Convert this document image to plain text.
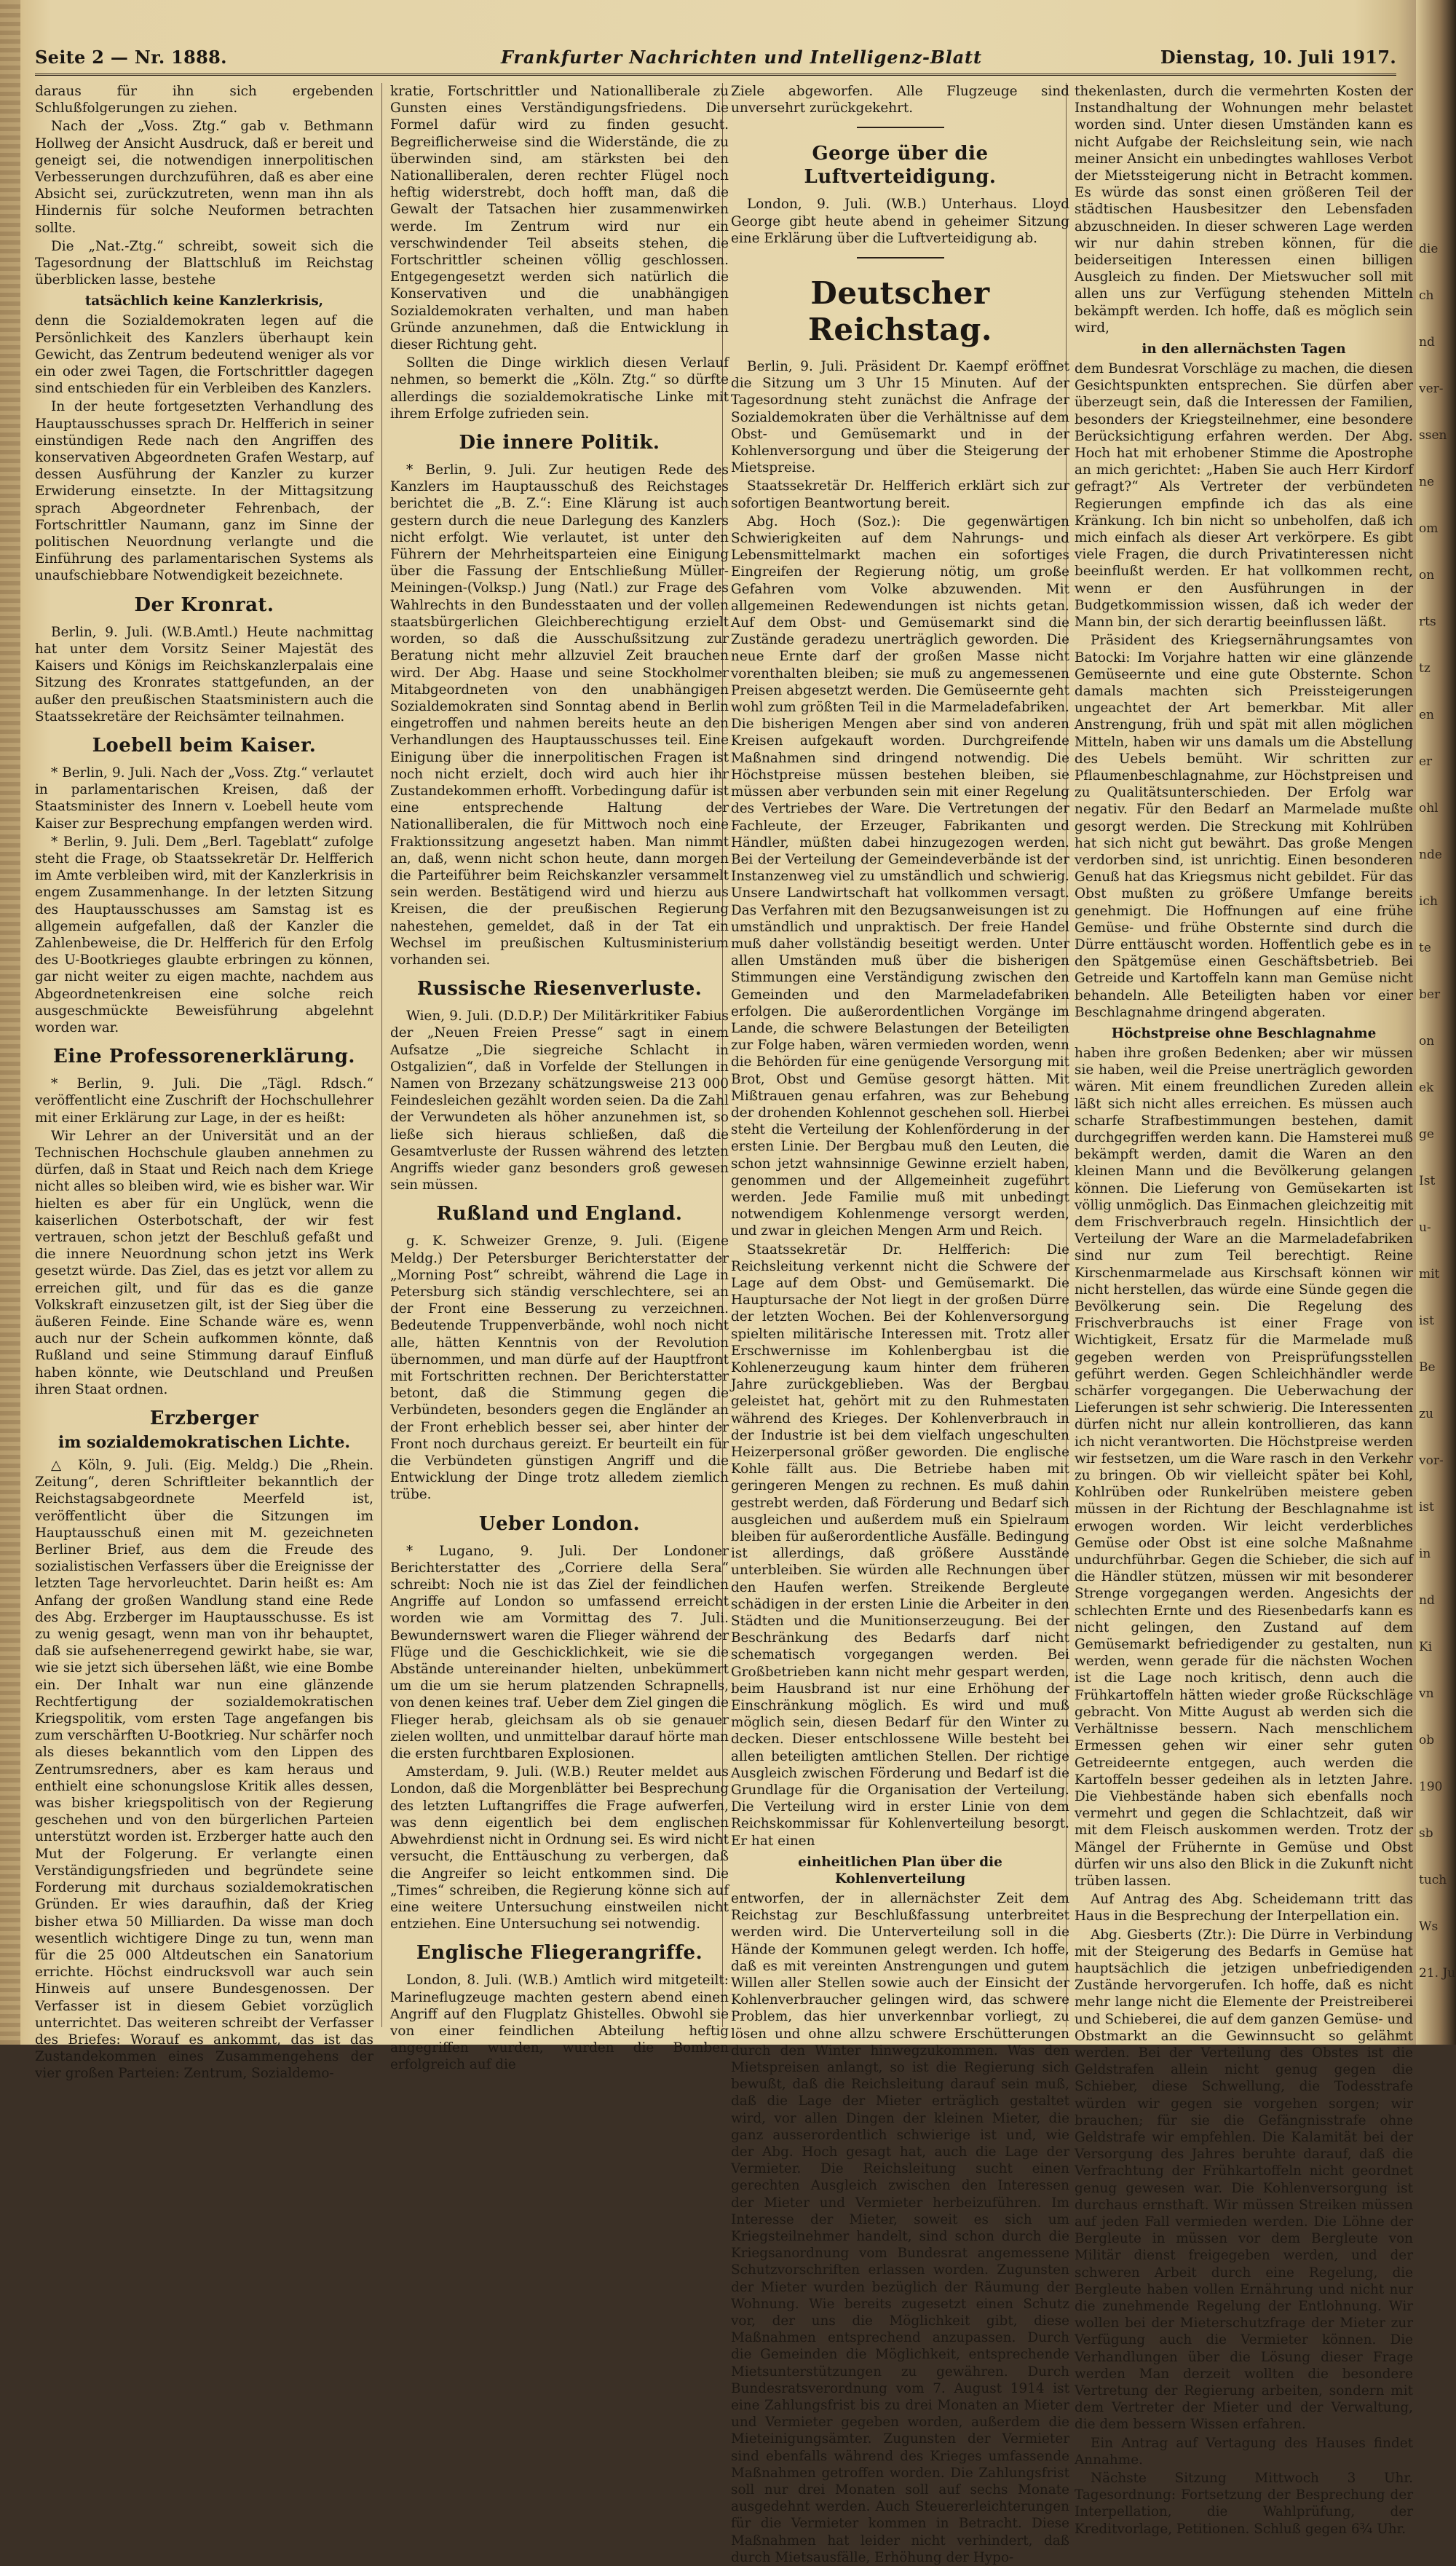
Seite 2 — Nr. 1888.	Frankfurter Nachrichten und Intelligenz-Blatt	Dienstag, 10. Juli 1917.

daraus für ihn sich ergebenden Schlußfolgerungen zu ziehen.

Nach der „Voss. Ztg.“ gab v. Bethmann Hollweg der Ansicht Ausdruck, daß er bereit und geneigt sei, die notwendigen innerpolitischen Verbesserungen durchzuführen, daß es aber eine Absicht sei, zurückzutreten, wenn man ihn als Hindernis für solche Neuformen betrachten sollte.

Die „Nat.-Ztg.“ schreibt, soweit sich die Tagesordnung der Blattschluß im Reichstag überblicken lasse, bestehe

tatsächlich keine Kanzlerkrisis,

denn die Sozialdemokraten legen auf die Persönlichkeit des Kanzlers überhaupt kein Gewicht, das Zentrum bedeutend weniger als vor ein oder zwei Tagen, die Fortschrittler dagegen sind entschieden für ein Verbleiben des Kanzlers.

In der heute fortgesetzten Verhandlung des Hauptausschusses sprach Dr. Helfferich in seiner einstündigen Rede nach den Angriffen des konservativen Abgeordneten Grafen Westarp, auf dessen Ausführung der Kanzler zu kurzer Erwiderung einsetzte. In der Mittagsitzung sprach Abgeordneter Fehrenbach, der Fortschrittler Naumann, ganz im Sinne der politischen Neuordnung verlangte und die Einführung des parlamentarischen Systems als unaufschiebbare Notwendigkeit bezeichnete.

Der Kronrat.

Berlin, 9. Juli. (W.B.Amtl.) Heute nachmittag hat unter dem Vorsitz Seiner Majestät des Kaisers und Königs im Reichskanzlerpalais eine Sitzung des Kronrates stattgefunden, an der außer den preußischen Staatsministern auch die Staatssekretäre der Reichsämter teilnahmen.

Loebell beim Kaiser.

* Berlin, 9. Juli. Nach der „Voss. Ztg.“ verlautet in parlamentarischen Kreisen, daß der Staatsminister des Innern v. Loebell heute vom Kaiser zur Besprechung empfangen werden wird.

* Berlin, 9. Juli. Dem „Berl. Tageblatt“ zufolge steht die Frage, ob Staatssekretär Dr. Helfferich im Amte verbleiben wird, mit der Kanzlerkrisis in engem Zusammenhange. In der letzten Sitzung des Hauptausschusses am Samstag ist es allgemein aufgefallen, daß der Kanzler die Zahlenbeweise, die Dr. Helfferich für den Erfolg des U-Bootkrieges glaubte erbringen zu können, gar nicht weiter zu eigen machte, nachdem aus Abgeordnetenkreisen eine solche reich ausgeschmückte Beweisführung abgelehnt worden war.

Eine Professorenerklärung.

* Berlin, 9. Juli. Die „Tägl. Rdsch.“ veröffentlicht eine Zuschrift der Hochschullehrer mit einer Erklärung zur Lage, in der es heißt:

Wir Lehrer an der Universität und an der Technischen Hochschule glauben annehmen zu dürfen, daß in Staat und Reich nach dem Kriege nicht alles so bleiben wird, wie es bisher war. Wir hielten es aber für ein Unglück, wenn die kaiserlichen Osterbotschaft, der wir fest vertrauen, schon jetzt der Beschluß gefaßt und die innere Neuordnung schon jetzt ins Werk gesetzt würde. Das Ziel, das es jetzt vor allem zu erreichen gilt, und für das es die ganze Volkskraft einzusetzen gilt, ist der Sieg über die äußeren Feinde. Eine Schande wäre es, wenn auch nur der Schein aufkommen könnte, daß Rußland und seine Stimmung darauf Einfluß haben könnte, wie Deutschland und Preußen ihren Staat ordnen.

Erzberger
im sozialdemokratischen Lichte.

△ Köln, 9. Juli. (Eig. Meldg.) Die „Rhein. Zeitung“, deren Schriftleiter bekanntlich der Reichstagsabgeordnete Meerfeld ist, veröffentlicht über die Sitzungen im Hauptausschuß einen mit M. gezeichneten Berliner Brief, aus dem die Freude des sozialistischen Verfassers über die Ereignisse der letzten Tage hervorleuchtet. Darin heißt es: Am Anfang der großen Wandlung stand eine Rede des Abg. Erzberger im Hauptausschusse. Es ist zu wenig gesagt, wenn man von ihr behauptet, daß sie aufsehenerregend gewirkt habe, sie war, wie sie jetzt sich übersehen läßt, wie eine Bombe ein. Der Inhalt war nun eine glänzende Rechtfertigung der sozialdemokratischen Kriegspolitik, vom ersten Tage angefangen bis zum verschärften U-Bootkrieg. Nur schärfer noch als dieses bekanntlich vom den Lippen des Zentrumsredners, aber es kam heraus und enthielt eine schonungslose Kritik alles dessen, was bisher kriegspolitisch von der Regierung geschehen und von den bürgerlichen Parteien unterstützt worden ist. Erzberger hatte auch den Mut der Folgerung. Er verlangte einen Verständigungsfrieden und begründete seine Forderung mit durchaus sozialdemokratischen Gründen. Er wies daraufhin, daß der Krieg bisher etwa 50 Milliarden. Da wisse man doch wesentlich wichtigere Dinge zu tun, wenn man für die 25 000 Altdeutschen ein Sanatorium errichte. Höchst eindrucksvoll war auch sein Hinweis auf unsere Bundesgenossen. Der Verfasser ist in diesem Gebiet vorzüglich unterrichtet. Das weiteren schreibt der Verfasser des Briefes: Worauf es ankommt, das ist das Zustandekommen eines Zusammengehens der vier großen Parteien: Zentrum, Sozialdemo-

kratie, Fortschrittler und Nationalliberale zu Gunsten eines Verständigungsfriedens. Die Formel dafür wird zu finden gesucht. Begreiflicherweise sind die Widerstände, die zu überwinden sind, am stärksten bei den Nationalliberalen, deren rechter Flügel noch heftig widerstrebt, doch hofft man, daß die Gewalt der Tatsachen hier zusammenwirken werde. Im Zentrum wird nur ein verschwindender Teil abseits stehen, die Fortschrittler scheinen völlig geschlossen. Entgegengesetzt werden sich natürlich die Konservativen und die unabhängigen Sozialdemokraten verhalten, und man haben Gründe anzunehmen, daß die Entwicklung in dieser Richtung geht.

Sollten die Dinge wirklich diesen Verlauf nehmen, so bemerkt die „Köln. Ztg.“ so dürfte allerdings die sozialdemokratische Linke mit ihrem Erfolge zufrieden sein.

Die innere Politik.

* Berlin, 9. Juli. Zur heutigen Rede des Kanzlers im Hauptausschuß des Reichstages berichtet die „B. Z.“: Eine Klärung ist auch gestern durch die neue Darlegung des Kanzlers nicht erfolgt. Wie verlautet, ist unter den Führern der Mehrheitsparteien eine Einigung über die Fassung der Entschließung Müller-Meiningen-(Volksp.) Jung (Natl.) zur Frage des Wahlrechts in den Bundesstaaten und der vollen staatsbürgerlichen Gleichberechtigung erzielt worden, so daß die Ausschußsitzung zur Beratung nicht mehr allzuviel Zeit brauchen wird. Der Abg. Haase und seine Stockholmer Mitabgeordneten von den unabhängigen Sozialdemokraten sind Sonntag abend in Berlin eingetroffen und nahmen bereits heute an den Verhandlungen des Hauptausschusses teil. Eine Einigung über die innerpolitischen Fragen ist noch nicht erzielt, doch wird auch hier ihr Zustandekommen erhofft. Vorbedingung dafür ist eine entsprechende Haltung der Nationalliberalen, die für Mittwoch noch eine Fraktionssitzung angesetzt haben. Man nimmt an, daß, wenn nicht schon heute, dann morgen die Parteiführer beim Reichskanzler versammelt sein werden. Bestätigend wird und hierzu aus Kreisen, die der preußischen Regierung nahestehen, gemeldet, daß in der Tat ein Wechsel im preußischen Kultusministerium vorhanden sei.

Russische Riesenverluste.

Wien, 9. Juli. (D.D.P.) Der Militärkritiker Fabius der „Neuen Freien Presse“ sagt in einem Aufsatze „Die siegreiche Schlacht in Ostgalizien“, daß in Vorfelde der Stellungen in Namen von Brzezany schätzungsweise 213 000 Feindesleichen gezählt worden seien. Da die Zahl der Verwundeten als höher anzunehmen ist, so ließe sich hieraus schließen, daß die Gesamtverluste der Russen während des letzten Angriffs wieder ganz besonders groß gewesen sein müssen.

Rußland und England.

g. K. Schweizer Grenze, 9. Juli. (Eigene Meldg.) Der Petersburger Berichterstatter der „Morning Post“ schreibt, während die Lage in Petersburg sich ständig verschlechtere, sei an der Front eine Besserung zu verzeichnen. Bedeutende Truppenverbände, wohl noch nicht alle, hätten Kenntnis von der Revolution übernommen, und man dürfe auf der Hauptfront mit Fortschritten rechnen. Der Berichterstatter betont, daß die Stimmung gegen die Verbündeten, besonders gegen die Engländer an der Front erheblich besser sei, aber hinter der Front noch durchaus gereizt. Er beurteilt ein für die Verbündeten günstigen Angriff und die Entwicklung der Dinge trotz alledem ziemlich trübe.

Ueber London.

* Lugano, 9. Juli. Der Londoner Berichterstatter des „Corriere della Sera“ schreibt: Noch nie ist das Ziel der feindlichen Angriffe auf London so umfassend erreicht worden wie am Vormittag des 7. Juli. Bewundernswert waren die Flieger während der Flüge und die Geschicklichkeit, wie sie die Abstände untereinander hielten, unbekümmert um die um sie herum platzenden Schrapnells, von denen keines traf. Ueber dem Ziel gingen die Flieger herab, gleichsam als ob sie genauer zielen wollten, und unmittelbar darauf hörte man die ersten furchtbaren Explosionen.

Amsterdam, 9. Juli. (W.B.) Reuter meldet aus London, daß die Morgenblätter bei Besprechung des letzten Luftangriffes die Frage aufwerfen, was denn eigentlich bei dem englischen Abwehrdienst nicht in Ordnung sei. Es wird nicht versucht, die Enttäuschung zu verbergen, daß die Angreifer so leicht entkommen sind. Die „Times“ schreiben, die Regierung könne sich auf eine weitere Untersuchung einstweilen nicht entziehen. Eine Untersuchung sei notwendig.

Englische Fliegerangriffe.

London, 8. Juli. (W.B.) Amtlich wird mitgeteilt: Marineflugzeuge machten gestern abend einen Angriff auf den Flugplatz Ghistelles. Obwohl sie von einer feindlichen Abteilung heftig angegriffen wurden, wurden die Bomben erfolgreich auf die

Ziele abgeworfen. Alle Flugzeuge sind unversehrt zurückgekehrt.

George über die Luftverteidigung.

London, 9. Juli. (W.B.) Unterhaus. Lloyd George gibt heute abend in geheimer Sitzung eine Erklärung über die Luftverteidigung ab.

Deutscher Reichstag.

Berlin, 9. Juli. Präsident Dr. Kaempf eröffnet die Sitzung um 3 Uhr 15 Minuten. Auf der Tagesordnung steht zunächst die Anfrage der Sozialdemokraten über die Verhältnisse auf dem Obst- und Gemüsemarkt und in der Kohlenversorgung und über die Steigerung der Mietspreise.

Staatssekretär Dr. Helfferich erklärt sich zur sofortigen Beantwortung bereit.

Abg. Hoch (Soz.): Die gegenwärtigen Schwierigkeiten auf dem Nahrungs- und Lebensmittelmarkt machen ein sofortiges Eingreifen der Regierung nötig, um große Gefahren vom Volke abzuwenden. Mit allgemeinen Redewendungen ist nichts getan. Auf dem Obst- und Gemüsemarkt sind die Zustände geradezu unerträglich geworden. Die neue Ernte darf der großen Masse nicht vorenthalten bleiben; sie muß zu angemessenen Preisen abgesetzt werden. Die Gemüseernte geht wohl zum größten Teil in die Marmeladefabriken. Die bisherigen Mengen aber sind von anderen Kreisen aufgekauft worden. Durchgreifende Maßnahmen sind dringend notwendig. Die Höchstpreise müssen bestehen bleiben, sie müssen aber verbunden sein mit einer Regelung des Vertriebes der Ware. Die Vertretungen der Fachleute, der Erzeuger, Fabrikanten und Händler, müßten dabei hinzugezogen werden. Bei der Verteilung der Gemeindeverbände ist der Instanzenweg viel zu umständlich und schwierig. Unsere Landwirtschaft hat vollkommen versagt. Das Verfahren mit den Bezugsanweisungen ist zu umständlich und unpraktisch. Der freie Handel muß daher vollständig beseitigt werden. Unter allen Umständen muß über die bisherigen Stimmungen eine Verständigung zwischen den Gemeinden und den Marmeladefabriken erfolgen. Die außerordentlichen Vorgänge im Lande, die schwere Belastungen der Beteiligten zur Folge haben, wären vermieden worden, wenn die Behörden für eine genügende Versorgung mit Brot, Obst und Gemüse gesorgt hätten. Mit Mißtrauen genau erfahren, was zur Behebung der drohenden Kohlennot geschehen soll. Hierbei steht die Verteilung der Kohlenförderung in der ersten Linie. Der Bergbau muß den Leuten, die schon jetzt wahnsinnige Gewinne erzielt haben, genommen und der Allgemeinheit zugeführt werden. Jede Familie muß mit unbedingt notwendigem Kohlenmenge versorgt werden, und zwar in gleichen Mengen Arm und Reich.

Staatssekretär Dr. Helfferich: Die Reichsleitung verkennt nicht die Schwere der Lage auf dem Obst- und Gemüsemarkt. Die Hauptursache der Not liegt in der großen Dürre der letzten Wochen. Bei der Kohlenversorgung spielten militärische Interessen mit. Trotz aller Erschwernisse im Kohlenbergbau ist die Kohlenerzeugung kaum hinter dem früheren Jahre zurückgeblieben. Was der Bergbau geleistet hat, gehört mit zu den Ruhmestaten während des Krieges. Der Kohlenverbrauch in der Industrie ist bei dem vielfach ungeschulten Heizerpersonal größer geworden. Die englische Kohle fällt aus. Die Betriebe haben mit geringeren Mengen zu rechnen. Es muß dahin gestrebt werden, daß Förderung und Bedarf sich ausgleichen und außerdem muß ein Spielraum bleiben für außerordentliche Ausfälle. Bedingung ist allerdings, daß größere Ausstände unterbleiben. Sie würden alle Rechnungen über den Haufen werfen. Streikende Bergleute schädigen in der ersten Linie die Arbeiter in den Städten und die Munitionserzeugung. Bei der Beschränkung des Bedarfs darf nicht schematisch vorgegangen werden. Bei Großbetrieben kann nicht mehr gespart werden, beim Hausbrand ist nur eine Erhöhung der Einschränkung möglich. Es wird und muß möglich sein, diesen Bedarf für den Winter zu decken. Dieser entschlossene Wille besteht bei allen beteiligten amtlichen Stellen. Der richtige Ausgleich zwischen Förderung und Bedarf ist die Grundlage für die Organisation der Verteilung. Die Verteilung wird in erster Linie von dem Reichskommissar für Kohlenverteilung besorgt. Er hat einen

einheitlichen Plan über die Kohlenverteilung

entworfen, der in allernächster Zeit dem Reichstag zur Beschlußfassung unterbreitet werden wird. Die Unterverteilung soll in die Hände der Kommunen gelegt werden. Ich hoffe, daß es mit vereinten Anstrengungen und gutem Willen aller Stellen sowie auch der Einsicht der Kohlenverbraucher gelingen wird, das schwere Problem, das hier unverkennbar vorliegt, zu lösen und ohne allzu schwere Erschütterungen durch den Winter hinwegzukommen. Was den Mietspreisen anlangt, so ist die Regierung sich bewußt, daß die Reichsleitung darauf sein muß, daß die Lage der Mieter erträglich gestaltet wird, vor allen Dingen der kleinen Mieter, die ganz ausserordentlich schwierige ist und, wie der Abg. Hoch gesagt hat, auch die Lage der Vermieter. Die Reichsleitung sucht einen gerechten Ausgleich zwischen den Interessen der Mieter und Vermieter herbeizuführen. Im Interesse der Mieter, soweit es sich um Kriegsteilnehmer handelt, sind schon durch die Kriegsanordnung vom Bundesrat angemessene Schutzvorschriften erlassen worden. Zugunsten der Mieter wurden bezüglich der Räumung der Wohnung. Wie bereits zugesetzt einen Schutz vor, der uns die Möglichkeit gibt, diese Maßnahmen entsprechend anzupassen. Durch die Gemeinden die Möglichkeit, entsprechende Mietsunterstützungen zu gewähren. Durch Bundesratsverordnung vom 7. August 1914 ist eine Zahlungsfrist bis zu drei Monaten an Mieter und Vermieter gegeben worden, außerdem die Mieteinigungsämter. Zugunsten der Vermieter sind ebenfalls während des Krieges umfassende Maßnahmen getroffen worden. Die Zahlungsfrist soll nur drei Monaten soll auf sechs Monate ausgedehnt werden. Auch Steuererleichterungen für die Vermieter kommen in Betracht. Diese Maßnahmen hat leider nicht verhindert, daß durch Mietsausfälle, Erhöhung der Hypo-

thekenlasten, durch die vermehrten Kosten der Instandhaltung der Wohnungen mehr belastet worden sind. Unter diesen Umständen kann es nicht Aufgabe der Reichsleitung sein, wie nach meiner Ansicht ein unbedingtes wahlloses Verbot der Mietssteigerung nicht in Betracht kommen. Es würde das sonst einen größeren Teil der städtischen Hausbesitzer den Lebensfaden abzuschneiden. In dieser schweren Lage werden wir nur dahin streben können, für die beiderseitigen Interessen einen billigen Ausgleich zu finden. Der Mietswucher soll mit allen uns zur Verfügung stehenden Mitteln bekämpft werden. Ich hoffe, daß es möglich sein wird,

in den allernächsten Tagen

dem Bundesrat Vorschläge zu machen, die diesen Gesichtspunkten entsprechen. Sie dürfen aber überzeugt sein, daß die Interessen der Familien, besonders der Kriegsteilnehmer, eine besondere Berücksichtigung erfahren werden. Der Abg. Hoch hat mit erhobener Stimme die Apostrophe an mich gerichtet: „Haben Sie auch Herr Kirdorf gefragt?“ Als Vertreter der verbündeten Regierungen empfinde ich das als eine Kränkung. Ich bin nicht so unbeholfen, daß ich mich einfach als dieser Art verkörpere. Es gibt viele Fragen, die durch Privatinteressen nicht beeinflußt werden. Er hat vollkommen recht, wenn er den Ausführungen in der Budgetkommission wissen, daß ich weder der Mann bin, der sich derartig beeinflussen läßt.

Präsident des Kriegsernährungsamtes von Batocki: Im Vorjahre hatten wir eine glänzende Gemüseernte und eine gute Obsternte. Schon damals machten sich Preissteigerungen ungeachtet der Art bemerkbar. Mit aller Anstrengung, früh und spät mit allen möglichen Mitteln, haben wir uns damals um die Abstellung des Uebels bemüht. Wir schritten zur Pflaumenbeschlagnahme, zur Höchstpreisen und zu Qualitätsunterschieden. Der Erfolg war negativ. Für den Bedarf an Marmelade mußte gesorgt werden. Die Streckung mit Kohlrüben hat sich nicht gut bewährt. Das große Mengen verdorben sind, ist unrichtig. Einen besonderen Genuß hat das Kriegsmus nicht gebildet. Für das Obst mußten zu größere Umfange bereits genehmigt. Die Hoffnungen auf eine frühe Gemüse- und frühe Obsternte sind durch die Dürre enttäuscht worden. Hoffentlich gebe es in den Spätgemüse einen Geschäftsbetrieb. Bei Getreide und Kartoffeln kann man Gemüse nicht behandeln. Alle Beteiligten haben vor einer Beschlagnahme dringend abgeraten.

Höchstpreise ohne Beschlagnahme

haben ihre großen Bedenken; aber wir müssen sie haben, weil die Preise unerträglich geworden wären. Mit einem freundlichen Zureden allein läßt sich nicht alles erreichen. Es müssen auch scharfe Strafbestimmungen bestehen, damit durchgegriffen werden kann. Die Hamsterei muß bekämpft werden, damit die Waren an den kleinen Mann und die Bevölkerung gelangen können. Die Lieferung von Gemüsekarten ist völlig unmöglich. Das Einmachen gleichzeitig mit dem Frischverbrauch regeln. Hinsichtlich der Verteilung der Ware an die Marmeladefabriken sind nur zum Teil berechtigt. Reine Kirschenmarmelade aus Kirschsaft können wir nicht herstellen, das würde eine Sünde gegen die Bevölkerung sein. Die Regelung des Frischverbrauchs ist einer Frage von Wichtigkeit, Ersatz für die Marmelade muß gegeben werden von Preisprüfungsstellen geführt werden. Gegen Schleichhändler werde schärfer vorgegangen. Die Ueberwachung der Lieferungen ist sehr schwierig. Die Interessenten dürfen nicht nur allein kontrollieren, das kann ich nicht verantworten. Die Höchstpreise werden wir festsetzen, um die Ware rasch in den Verkehr zu bringen. Ob wir vielleicht später bei Kohl, Kohlrüben oder Runkelrüben meistere geben müssen in der Richtung der Beschlagnahme ist erwogen worden. Wir leicht verderbliches Gemüse oder Obst ist eine solche Maßnahme undurchführbar. Gegen die Schieber, die sich auf die Händler stützen, müssen wir mit besonderer Strenge vorgegangen werden. Angesichts der schlechten Ernte und des Riesenbedarfs kann es nicht gelingen, den Zustand auf dem Gemüsemarkt befriedigender zu gestalten, nun werden, wenn gerade für die nächsten Wochen ist die Lage noch kritisch, denn auch die Frühkartoffeln hätten wieder große Rückschläge gebracht. Von Mitte August ab werden sich die Verhältnisse bessern. Nach menschlichem Ermessen gehen wir einer sehr guten Getreideernte entgegen, auch werden die Kartoffeln besser gedeihen als in letzten Jahre. Die Viehbestände haben sich ebenfalls noch vermehrt und gegen die Schlachtzeit, daß wir mit dem Fleisch auskommen werden. Trotz der Mängel der Frühernte in Gemüse und Obst dürfen wir uns also den Blick in die Zukunft nicht trüben lassen.

Auf Antrag des Abg. Scheidemann tritt das Haus in die Besprechung der Interpellation ein.

Abg. Giesberts (Ztr.): Die Dürre in Verbindung mit der Steigerung des Bedarfs in Gemüse hat hauptsächlich die jetzigen unbefriedigenden Zustände hervorgerufen. Ich hoffe, daß es nicht mehr lange nicht die Elemente der Preistreiberei und Schieberei, die auf dem ganzen Gemüse- und Obstmarkt an die Gewinnsucht so gelähmt werden. Bei der Verteilung des Obstes ist die Geldstrafen allein nicht genug gegen die Schieber, diese Schwellung, die Todesstrafe würden wir gegen sie vorgehen sorgen; wir brauchen; für sie die Gefängnisstrafe ohne Geldstrafe wir empfehlen. Die Kalamität bei der Versorgung des Jahres beruhte darauf, daß die Verfrachtung der Frühkartoffeln nicht geordnet genug gewesen war. Die Kohlenversorgung ist durchaus ernsthaft. Wir müssen Streiken müssen auf jeden Fall vermieden werden. Die Löhne der Bergleute in müssen vor dem Bergleute von Militär dienst freigegeben werden, und der schweren Arbeit durch eine Regelung, die Bergleute haben vollen Ernährung und nicht nur die zunehmende Regelung der Entlohnung. Wir wollen bei der Mieterschutzfrage der Mieter zur Verfügung auch die Vermieter können. Die Verhandlungen über die Lösung dieser Frage werden Man derzeit wollten die besondere Vertretung der Regierung arbeiten, sondern mit dem Vertreter der Mieter und der Verwaltung, die dem bessern Wissen erfahren.

Ein Antrag auf Vertagung des Hauses findet Annahme.

Nächste Sitzung Mittwoch 3 Uhr. Tagesordnung: Fortsetzung der Besprechung der Interpellation, die Wahlprüfung, der Kreditvorlage, Petitionen. Schluß gegen 6¾ Uhr.

die
ch
nd
ver-
ssen
ne
om
on
rts
tz
en
er
ohl
nde
ich
te
ber
on
ek
ge
Ist
u-
mit
ist
Be
zu
vor-
ist
in
nd
Ki
vn
ob
190
sb
tuch
Ws
21. Ju
